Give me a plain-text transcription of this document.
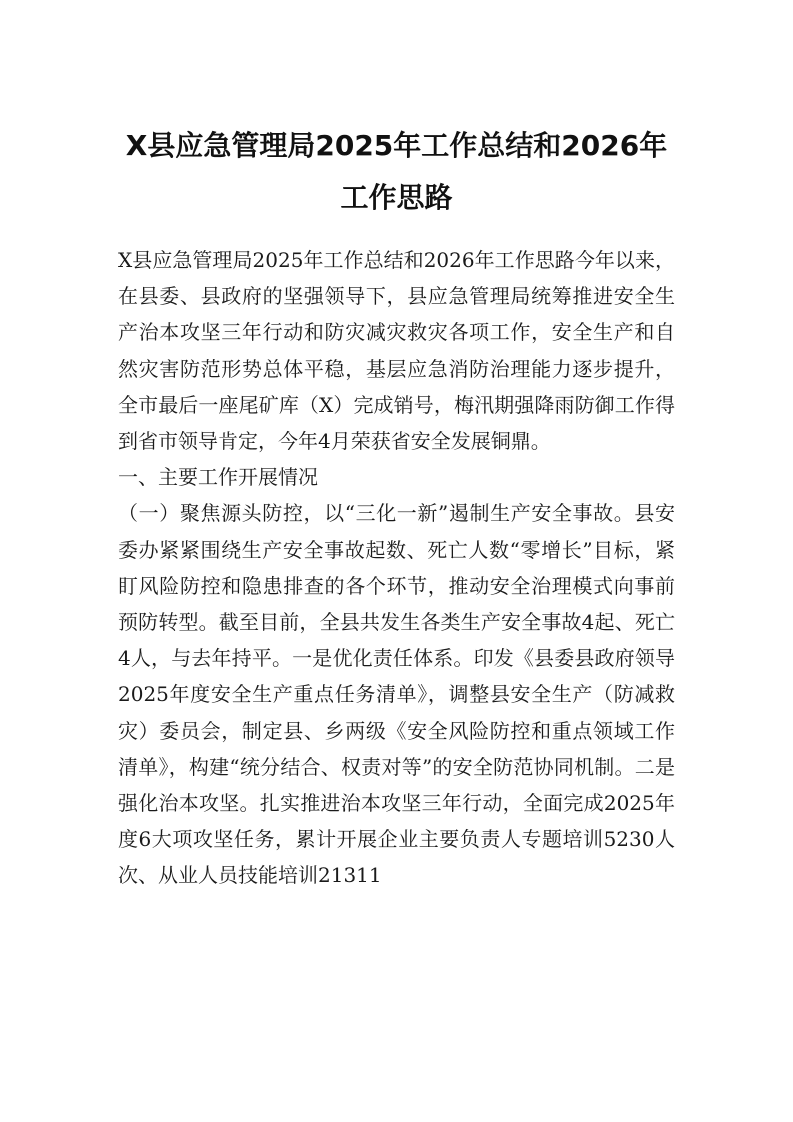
X县应急管理局2025年工作总结和2026年工作思路

X县应急管理局2025年工作总结和2026年工作思路今年以来，在县委、县政府的坚强领导下，县应急管理局统筹推进安全生产治本攻坚三年行动和防灾减灾救灾各项工作，安全生产和自然灾害防范形势总体平稳，基层应急消防治理能力逐步提升，全市最后一座尾矿库（X）完成销号，梅汛期强降雨防御工作得到省市领导肯定，今年4月荣获省安全发展铜鼎。

一、主要工作开展情况

（一）聚焦源头防控，以“三化一新”遏制生产安全事故。县安委办紧紧围绕生产安全事故起数、死亡人数“零增长”目标，紧盯风险防控和隐患排查的各个环节，推动安全治理模式向事前预防转型。截至目前，全县共发生各类生产安全事故4起、死亡4人，与去年持平。一是优化责任体系。印发《县委县政府领导2025年度安全生产重点任务清单》，调整县安全生产（防减救灾）委员会，制定县、乡两级《安全风险防控和重点领域工作清单》，构建“统分结合、权责对等”的安全防范协同机制。二是强化治本攻坚。扎实推进治本攻坚三年行动，全面完成2025年度6大项攻坚任务，累计开展企业主要负责人专题培训5230人次、从业人员技能培训21311
